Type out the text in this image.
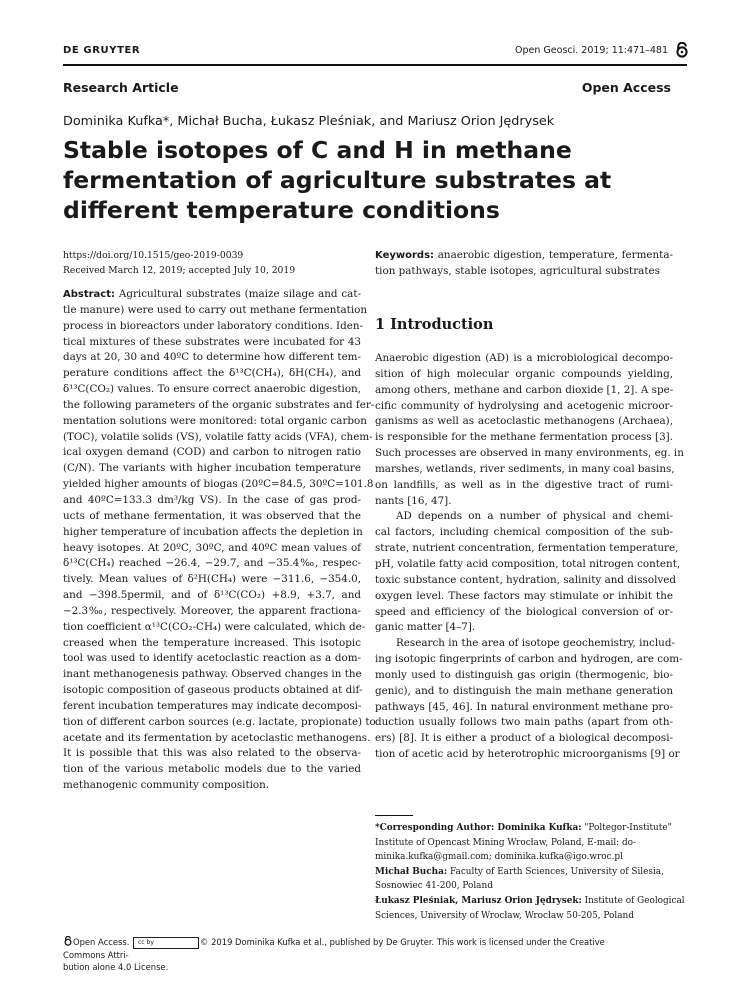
DE GRUYTER	Open Geosci. 2019; 11:471–481
Research Article	Open Access
Dominika Kufka*, Michał Bucha, Łukasz Pleśniak, and Mariusz Orion Jędrysek
Stable isotopes of C and H in methane fermentation of agriculture substrates at different temperature conditions
https://doi.org/10.1515/geo-2019-0039
Received March 12, 2019; accepted July 10, 2019
Abstract: Agricultural substrates (maize silage and cat-
tle manure) were used to carry out methane fermentation
process in bioreactors under laboratory conditions. Iden-
tical mixtures of these substrates were incubated for 43
days at 20, 30 and 40ºC to determine how different tem-
perature conditions affect the δ¹³C(CH₄), δH(CH₄), and
δ¹³C(CO₂) values. To ensure correct anaerobic digestion,
the following parameters of the organic substrates and fer-
mentation solutions were monitored: total organic carbon
(TOC), volatile solids (VS), volatile fatty acids (VFA), chem-
ical oxygen demand (COD) and carbon to nitrogen ratio
(C/N). The variants with higher incubation temperature
yielded higher amounts of biogas (20ºC=84.5, 30ºC=101.8
and 40ºC=133.3 dm³/kg VS). In the case of gas prod-
ucts of methane fermentation, it was observed that the
higher temperature of incubation affects the depletion in
heavy isotopes. At 20ºC, 30ºC, and 40ºC mean values of
δ¹³C(CH₄) reached −26.4, −29.7, and −35.4‰, respec-
tively. Mean values of δ²H(CH₄) were −311.6, −354.0,
and −398.5permil, and of δ¹³C(CO₂) +8.9, +3.7, and
−2.3‰, respectively. Moreover, the apparent fractiona-
tion coefficient α¹³C(CO₂-CH₄) were calculated, which de-
creased when the temperature increased. This isotopic
tool was used to identify acetoclastic reaction as a dom-
inant methanogenesis pathway. Observed changes in the
isotopic composition of gaseous products obtained at dif-
ferent incubation temperatures may indicate decomposi-
tion of different carbon sources (e.g. lactate, propionate) to
acetate and its fermentation by acetoclastic methanogens.
It is possible that this was also related to the observa-
tion of the various metabolic models due to the varied
methanogenic community composition.
Keywords: anaerobic digestion, temperature, fermenta-
tion pathways, stable isotopes, agricultural substrates
1 Introduction
Anaerobic digestion (AD) is a microbiological decompo-
sition of high molecular organic compounds yielding,
among others, methane and carbon dioxide [1, 2]. A spe-
cific community of hydrolysing and acetogenic microor-
ganisms as well as acetoclastic methanogens (Archaea),
is responsible for the methane fermentation process [3].
Such processes are observed in many environments, eg. in
marshes, wetlands, river sediments, in many coal basins,
on landfills, as well as in the digestive tract of rumi-
nants [16, 47].
AD depends on a number of physical and chemi-
cal factors, including chemical composition of the sub-
strate, nutrient concentration, fermentation temperature,
pH, volatile fatty acid composition, total nitrogen content,
toxic substance content, hydration, salinity and dissolved
oxygen level. These factors may stimulate or inhibit the
speed and efficiency of the biological conversion of or-
ganic matter [4–7].
Research in the area of isotope geochemistry, includ-
ing isotopic fingerprints of carbon and hydrogen, are com-
monly used to distinguish gas origin (thermogenic, bio-
genic), and to distinguish the main methane generation
pathways [45, 46]. In natural environment methane pro-
duction usually follows two main paths (apart from oth-
ers) [8]. It is either a product of a biological decomposi-
tion of acetic acid by heterotrophic microorganisms [9] or
*Corresponding Author: Dominika Kufka: "Poltegor-Institute"
Institute of Opencast Mining Wrocław, Poland, E-mail: do-
minika.kufka@gmail.com; dominika.kufka@igo.wroc.pl
Michał Bucha: Faculty of Earth Sciences, University of Silesia,
Sosnowiec 41-200, Poland
Łukasz Pleśniak, Mariusz Orion Jędrysek: Institute of Geological
Sciences, University of Wrocław, Wrocław 50-205, Poland
Open Access. cc by	© 2019 Dominika Kufka et al., published by De Gruyter. This work is licensed under the Creative Commons Attri-
bution alone 4.0 License.
